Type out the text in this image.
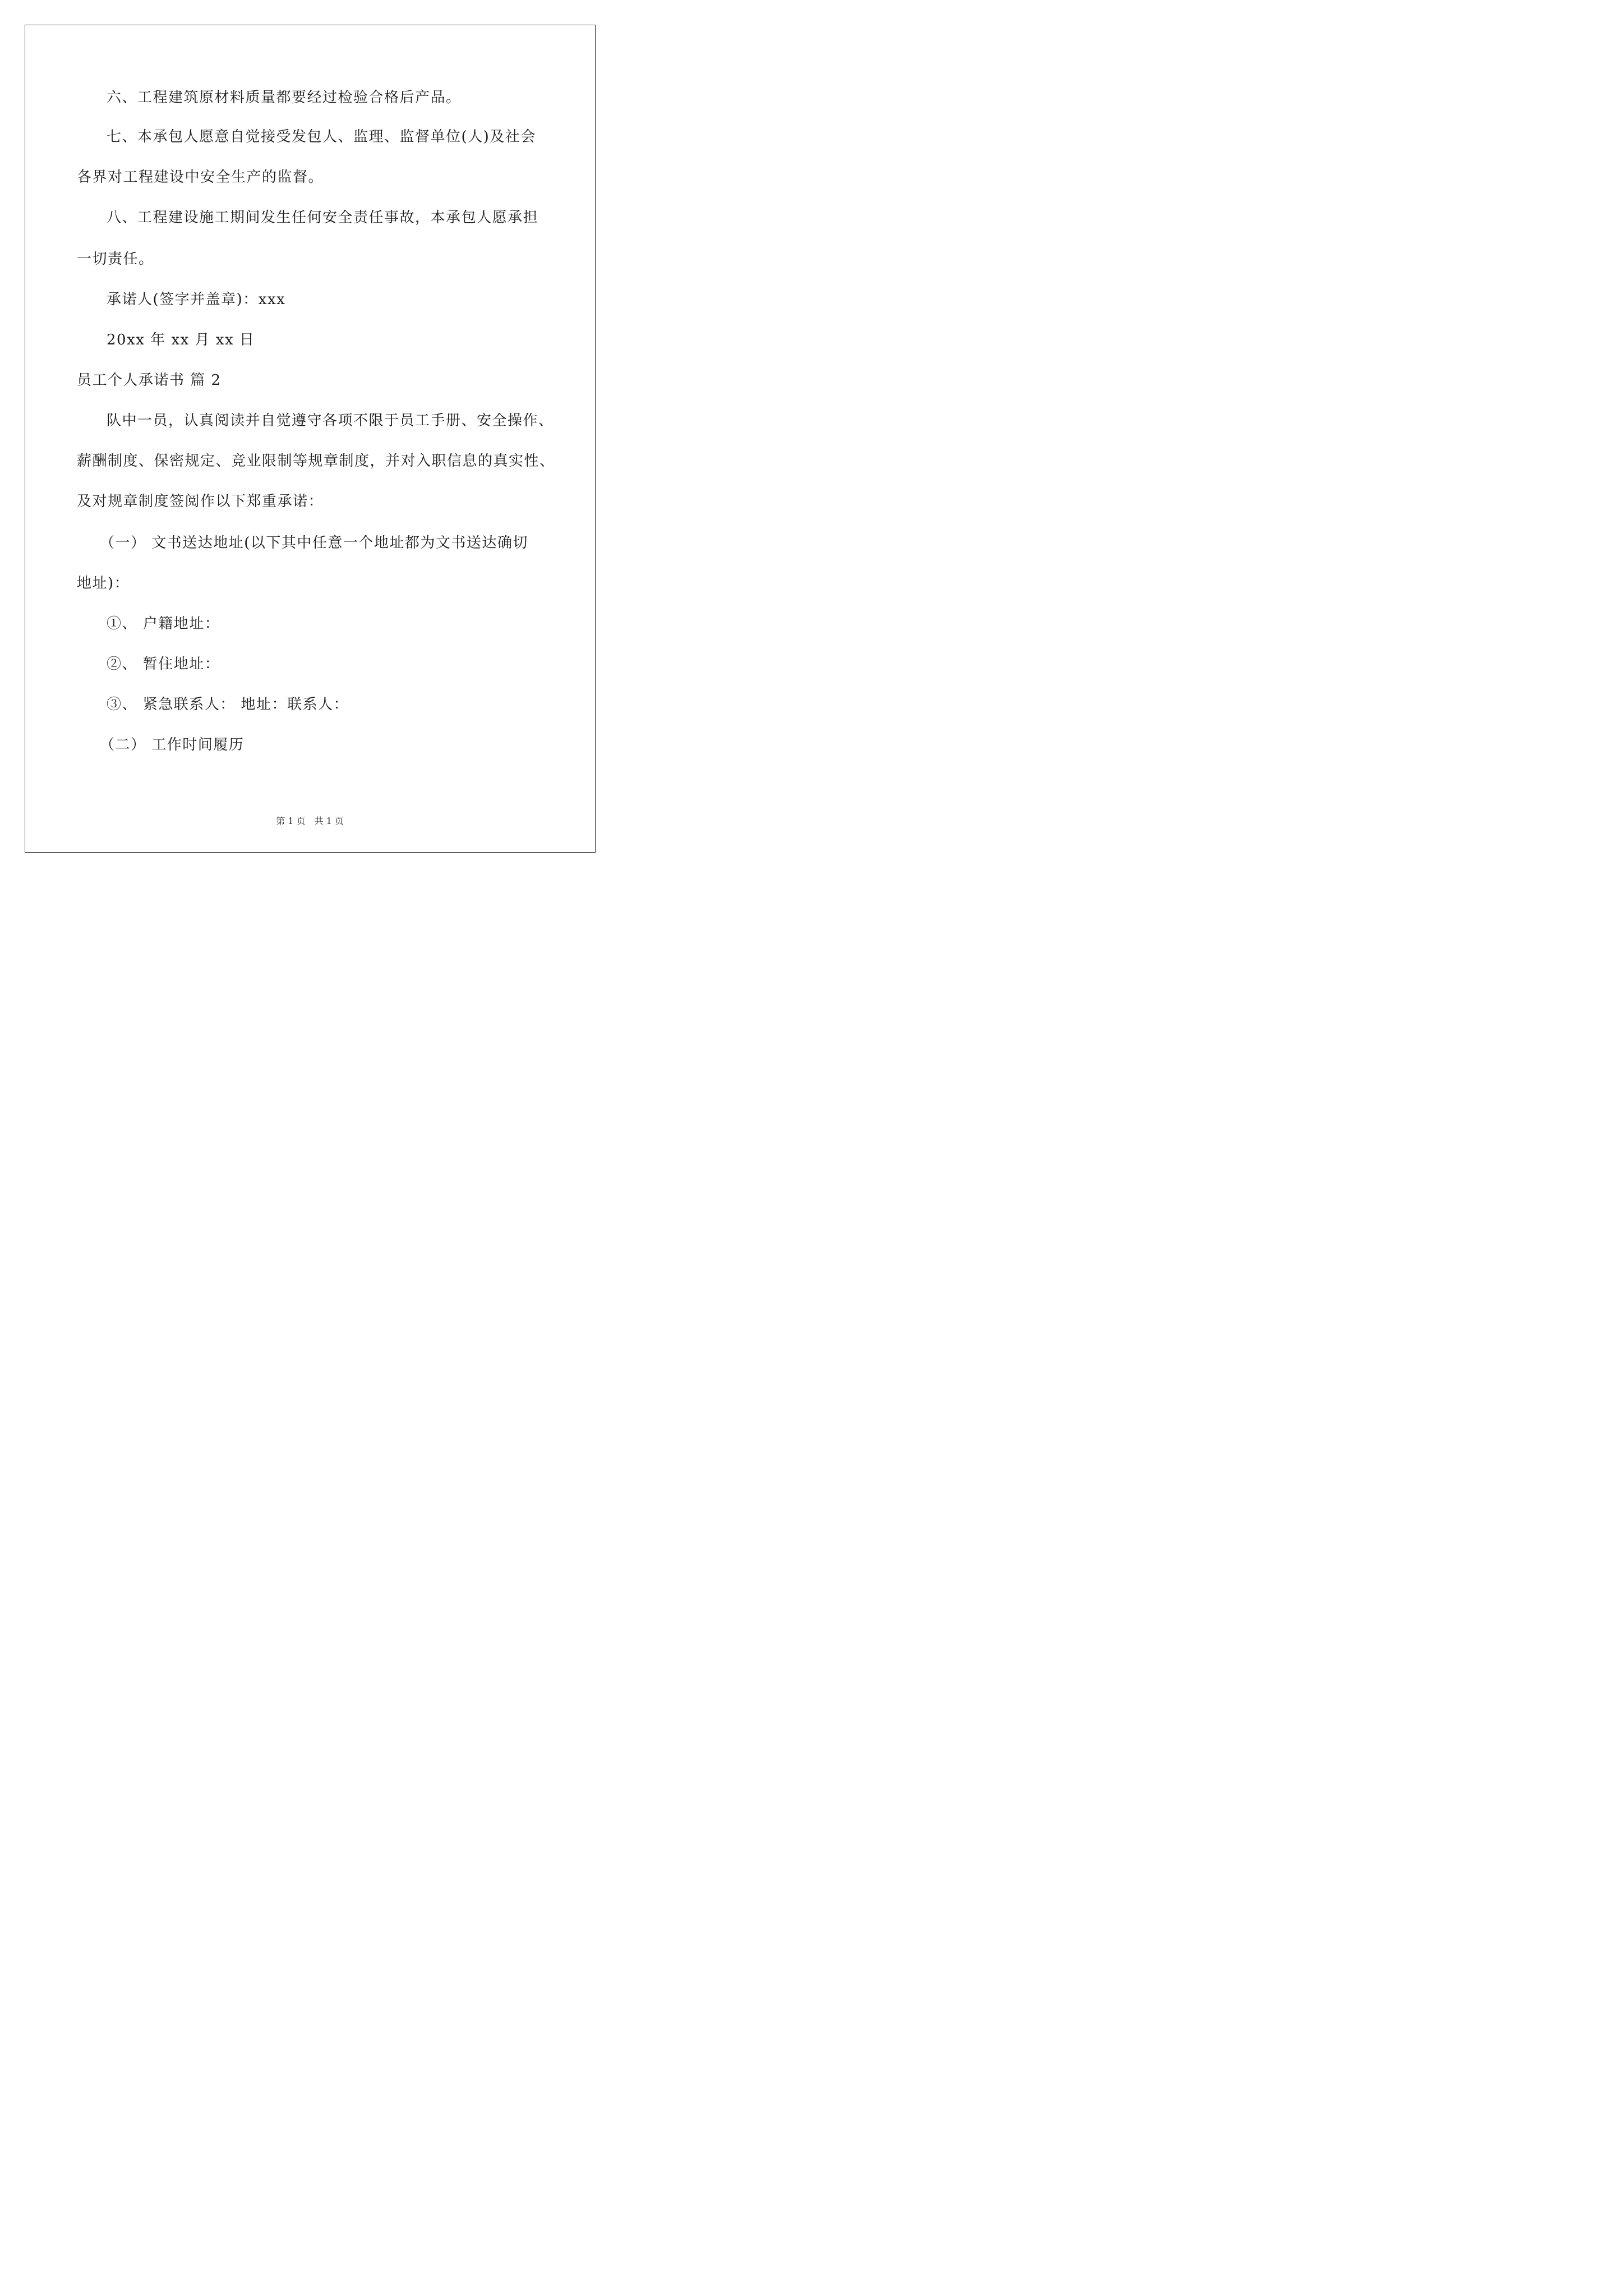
六、工程建筑原材料质量都要经过检验合格后产品。
七、本承包人愿意自觉接受发包人、监理、监督单位(人)及社会
各界对工程建设中安全生产的监督。
八、工程建设施工期间发生任何安全责任事故，本承包人愿承担
一切责任。
承诺人(签字并盖章)：xxx
20xx 年 xx 月 xx 日
员工个人承诺书 篇 2
队中一员，认真阅读并自觉遵守各项不限于员工手册、安全操作、
薪酬制度、保密规定、竞业限制等规章制度，并对入职信息的真实性、
及对规章制度签阅作以下郑重承诺：
（一） 文书送达地址(以下其中任意一个地址都为文书送达确切
地址)：
①、 户籍地址：
②、 暂住地址：
③、 紧急联系人： 地址：联系人：
（二） 工作时间履历
第 1 页　共 1 页
